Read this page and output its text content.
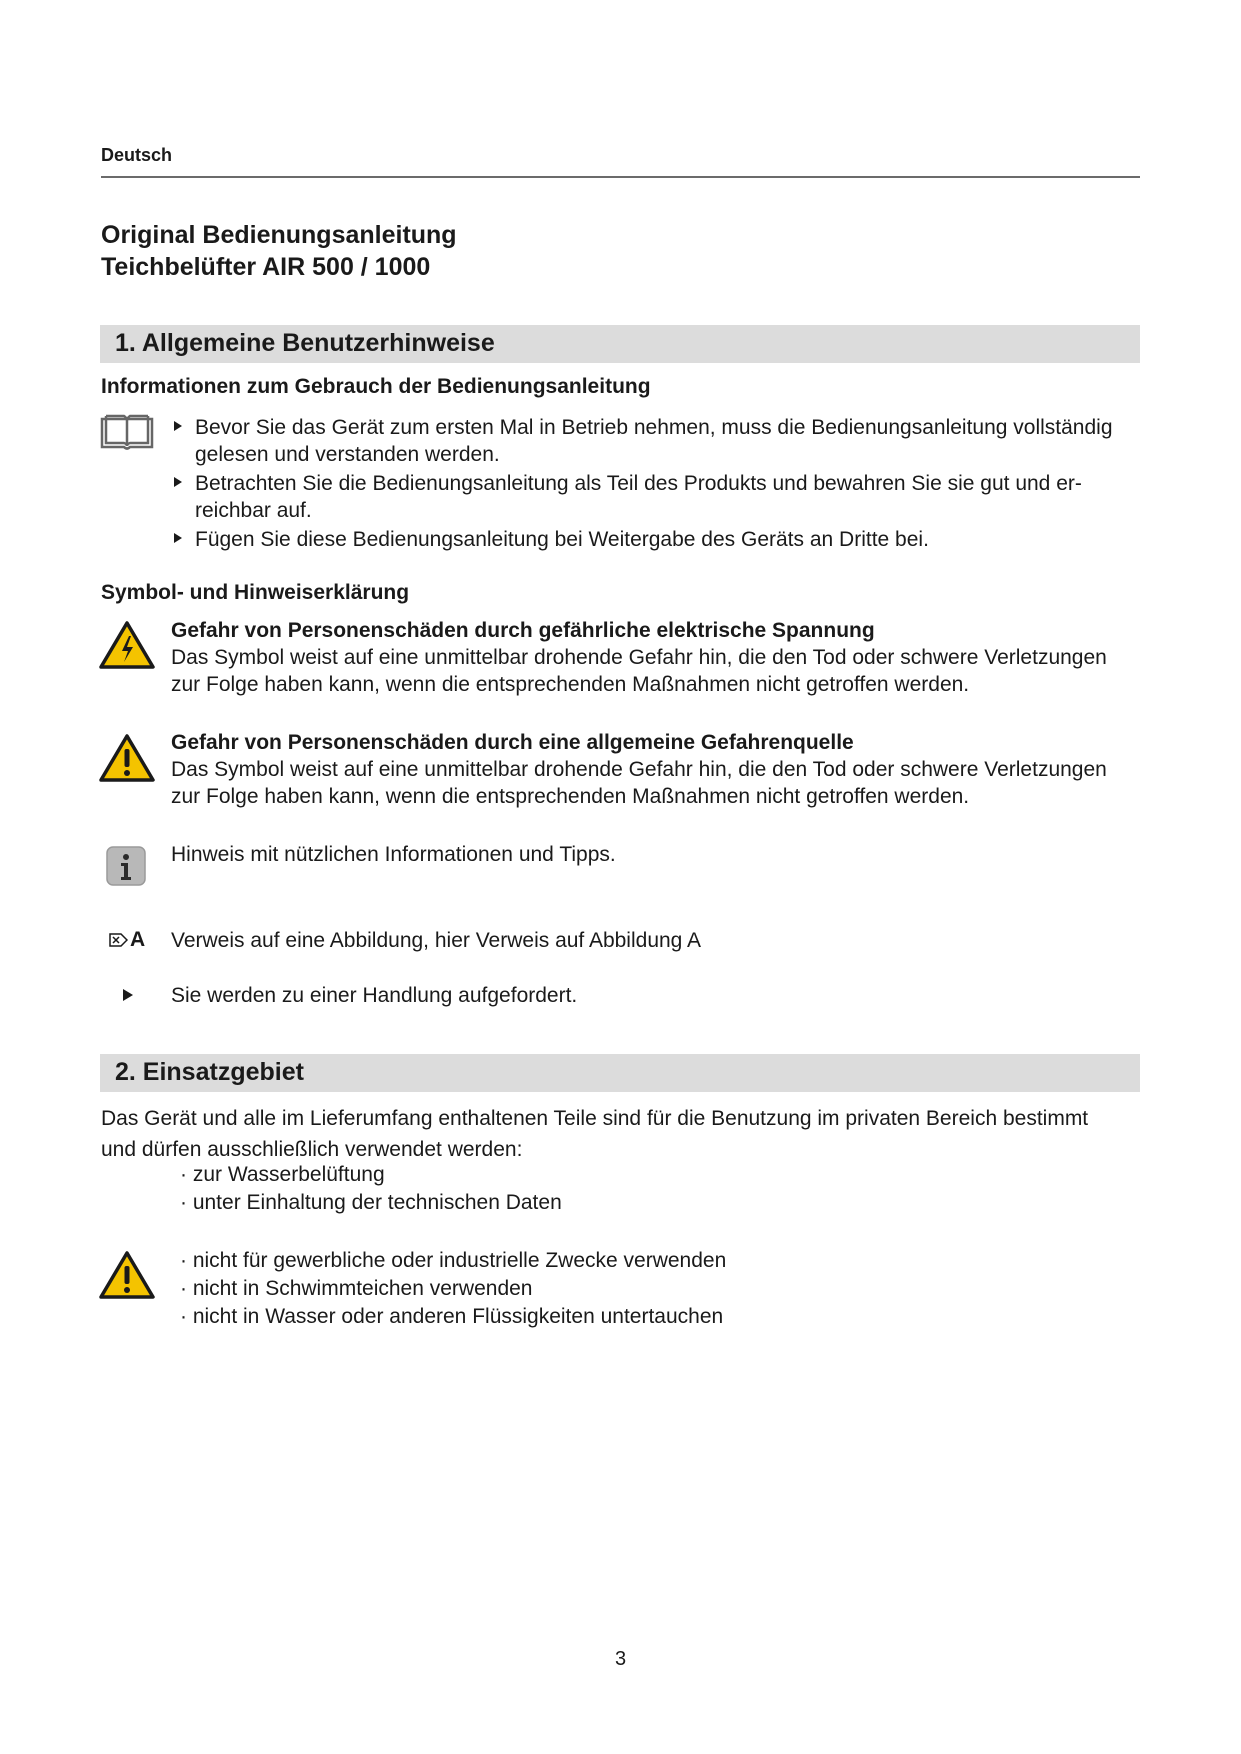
Deutsch
Original Bedienungsanleitung
Teichbelüfter AIR 500 / 1000
1. Allgemeine Benutzerhinweise
Informationen zum Gebrauch der Bedienungsanleitung
Bevor Sie das Gerät zum ersten Mal in Betrieb nehmen, muss die Bedienungsanleitung vollständig gelesen und verstanden werden.
Betrachten Sie die Bedienungsanleitung als Teil des Produkts und bewahren Sie sie gut und er-reichbar auf.
Fügen Sie diese Bedienungsanleitung bei Weitergabe des Geräts an Dritte bei.
Symbol- und Hinweiserklärung
Gefahr von Personenschäden durch gefährliche elektrische Spannung
Das Symbol weist auf eine unmittelbar drohende Gefahr hin, die den Tod oder schwere Verletzungen zur Folge haben kann, wenn die entsprechenden Maßnahmen nicht getroffen werden.
Gefahr von Personenschäden durch eine allgemeine Gefahrenquelle
Das Symbol weist auf eine unmittelbar drohende Gefahr hin, die den Tod oder schwere Verletzungen zur Folge haben kann, wenn die entsprechenden Maßnahmen nicht getroffen werden.
Hinweis mit nützlichen Informationen und Tipps.
A Verweis auf eine Abbildung, hier Verweis auf Abbildung A
Sie werden zu einer Handlung aufgefordert.
2. Einsatzgebiet
Das Gerät und alle im Lieferumfang enthaltenen Teile sind für die Benutzung im privaten Bereich bestimmt
und dürfen ausschließlich verwendet werden:
· zur Wasserbelüftung
· unter Einhaltung der technischen Daten
· nicht für gewerbliche oder industrielle Zwecke verwenden
· nicht in Schwimmteichen verwenden
· nicht in Wasser oder anderen Flüssigkeiten untertauchen
3
